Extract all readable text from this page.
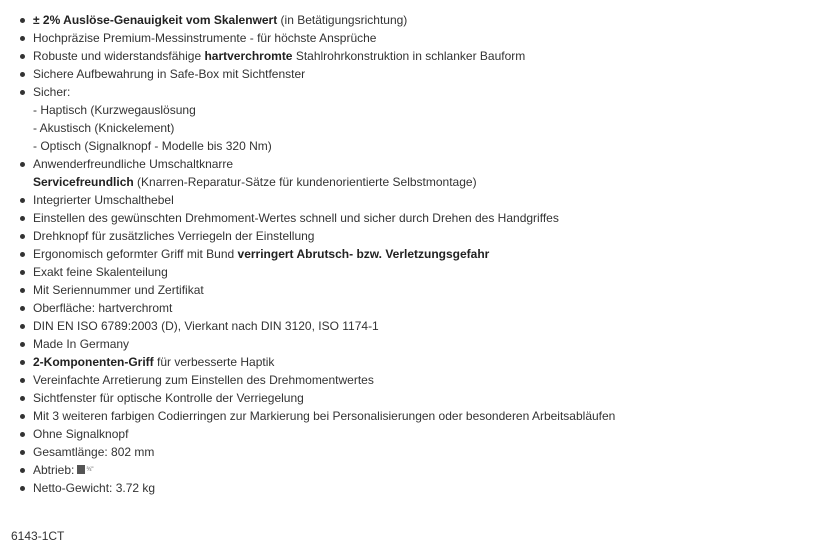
± 2% Auslöse-Genauigkeit vom Skalenwert (in Betätigungsrichtung)
Hochpräzise Premium-Messinstrumente - für höchste Ansprüche
Robuste und widerstandsfähige hartverchromte Stahlrohrkonstruktion in schlanker Bauform
Sichere Aufbewahrung in Safe-Box mit Sichtfenster
Sicher:
- Haptisch (Kurzwegauslösung
- Akustisch (Knickelement)
- Optisch (Signalknopf - Modelle bis 320 Nm)
Anwenderfreundliche Umschaltknarre
Servicefreundlich (Knarren-Reparatur-Sätze für kundenorientierte Selbstmontage)
Integrierter Umschalthebel
Einstellen des gewünschten Drehmoment-Wertes schnell und sicher durch Drehen des Handgriffes
Drehknopf für zusätzliches Verriegeln der Einstellung
Ergonomisch geformter Griff mit Bund verringert Abrutsch- bzw. Verletzungsgefahr
Exakt feine Skalenteilung
Mit Seriennummer und Zertifikat
Oberfläche: hartverchromt
DIN EN ISO 6789:2003 (D), Vierkant nach DIN 3120, ISO 1174-1
Made In Germany
2-Komponenten-Griff für verbesserte Haptik
Vereinfachte Arretierung zum Einstellen des Drehmomentwertes
Sichtfenster für optische Kontrolle der Verriegelung
Mit 3 weiteren farbigen Codierringen zur Markierung bei Personalisierungen oder besonderen Arbeitsabläufen
Ohne Signalknopf
Gesamtlänge: 802 mm
Abtrieb: ¾"
Netto-Gewicht: 3.72 kg
6143-1CT
